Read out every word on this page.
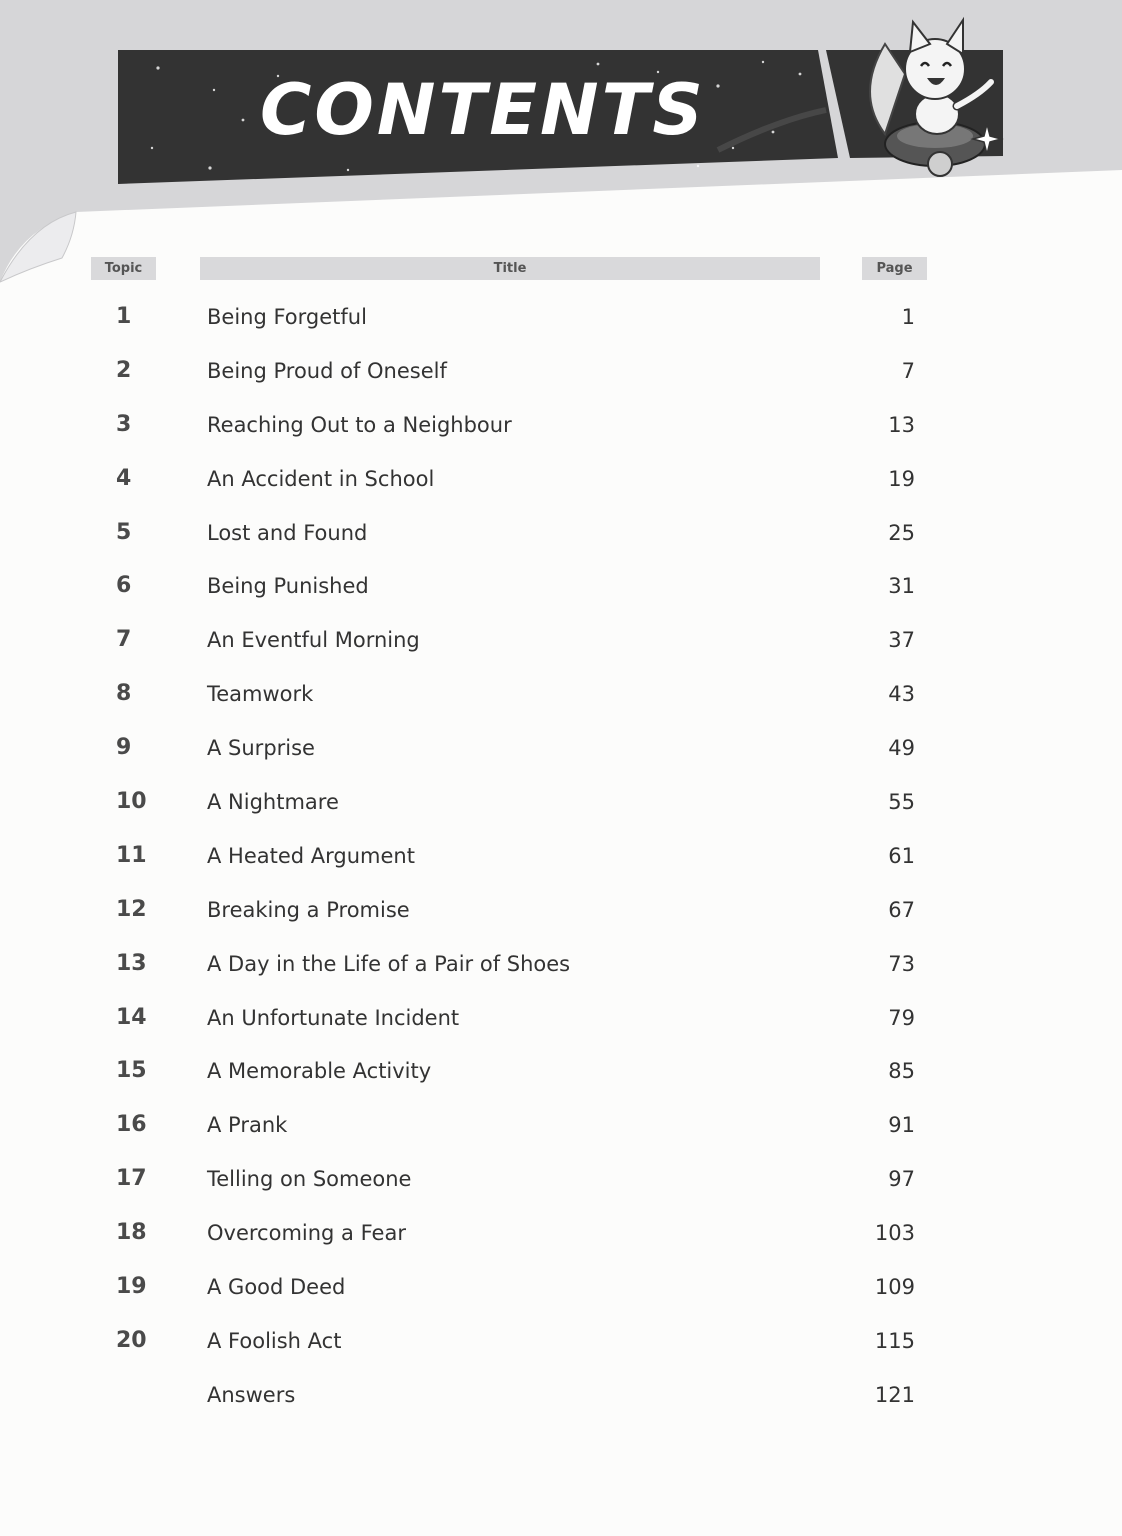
CONTENTS
Topic	Title	Page
1	Being Forgetful	1
2	Being Proud of Oneself	7
3	Reaching Out to a Neighbour	13
4	An Accident in School	19
5	Lost and Found	25
6	Being Punished	31
7	An Eventful Morning	37
8	Teamwork	43
9	A Surprise	49
10	A Nightmare	55
11	A Heated Argument	61
12	Breaking a Promise	67
13	A Day in the Life of a Pair of Shoes	73
14	An Unfortunate Incident	79
15	A Memorable Activity	85
16	A Prank	91
17	Telling on Someone	97
18	Overcoming a Fear	103
19	A Good Deed	109
20	A Foolish Act	115
Answers	121
